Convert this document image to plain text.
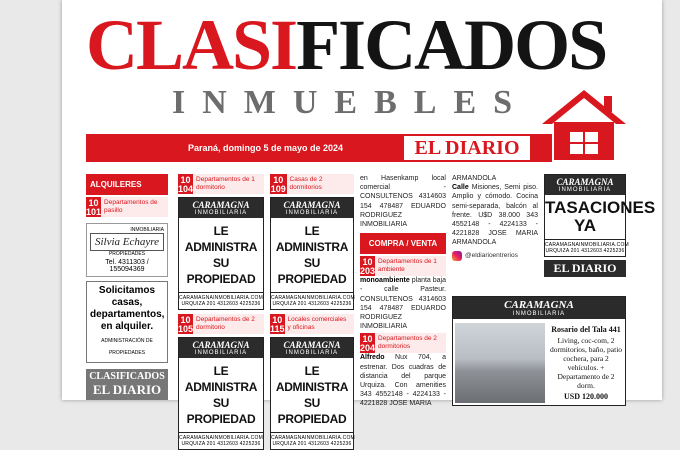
CLASIFICADOS
INMUEBLES
Paraná, domingo 5 de mayo de 2024	EL DIARIO
ALQUILERES
10 101
Departamentos de pasillo
INMOBILIARIA
Silvia Echayre
PROPIEDADES
Tel. 4311303 / 155094369
Solicitamos casas, departamentos, en alquiler.
ADMINISTRACIÓN DE PROPIEDADES
CLASIFICADOS
EL DIARIO
10 104
Departamentos de 1 dormitorio
CARAMAGNA
INMOBILIARIA
LE ADMINISTRA SU PROPIEDAD
CARAMAGNAINMOBILIARIA.COM
URQUIZA 201 4312603 4225236
10 105
Departamentos de 2 dormitorio
CARAMAGNA
INMOBILIARIA
LE ADMINISTRA SU PROPIEDAD
CARAMAGNAINMOBILIARIA.COM
URQUIZA 201 4312603 4225236
10 109
Casas de 2 dormitorios
CARAMAGNA
INMOBILIARIA
LE ADMINISTRA SU PROPIEDAD
CARAMAGNAINMOBILIARIA.COM
URQUIZA 201 4312603 4225236
10 115
Locales comerciales y oficinas
CARAMAGNA
INMOBILIARIA
LE ADMINISTRA SU PROPIEDAD
CARAMAGNAINMOBILIARIA.COM
URQUIZA 201 4312603 4225236
en Hasenkamp local comercial - CONSULTENOS 4314603 154 478487 EDUARDO RODRIGUEZ INMOBILIARIA
COMPRA / VENTA
10 203
Departamentos de 1 ambiente
monoambiente planta baja - calle Pasteur. CONSULTENOS 4314603 154 478487 EDUARDO RODRIGUEZ INMOBILIARIA
10 204
Departamentos de 2 dormitorios
Alfredo Nux 704, a estrenar. Dos cuadras de distancia del parque Urquiza. Con amenities 343 4552148 - 4224133 - 4221828 JOSE MARIA
ARMANDOLA
Calle Misiones, Semi piso. Amplio y cómodo. Cocina semi-separada, balcón al frente. U$D 38.000 343 4552148 - 4224133 - 4221828 JOSE MARIA ARMANDOLA
@eldiarioentrerios
CARAMAGNA
INMOBILIARIA
Rosario del Tala 441
Living, coc-com, 2 dormitorios, baño, patio cochera, para 2 vehículos. + Departamento de 2 dorm.
USD 120.000
CARAMAGNA
INMOBILIARIA
TASACIONES YA
CARAMAGNAINMOBILIARIA.COM
URQUIZA 201 4312603 4225236
EL DIARIO
